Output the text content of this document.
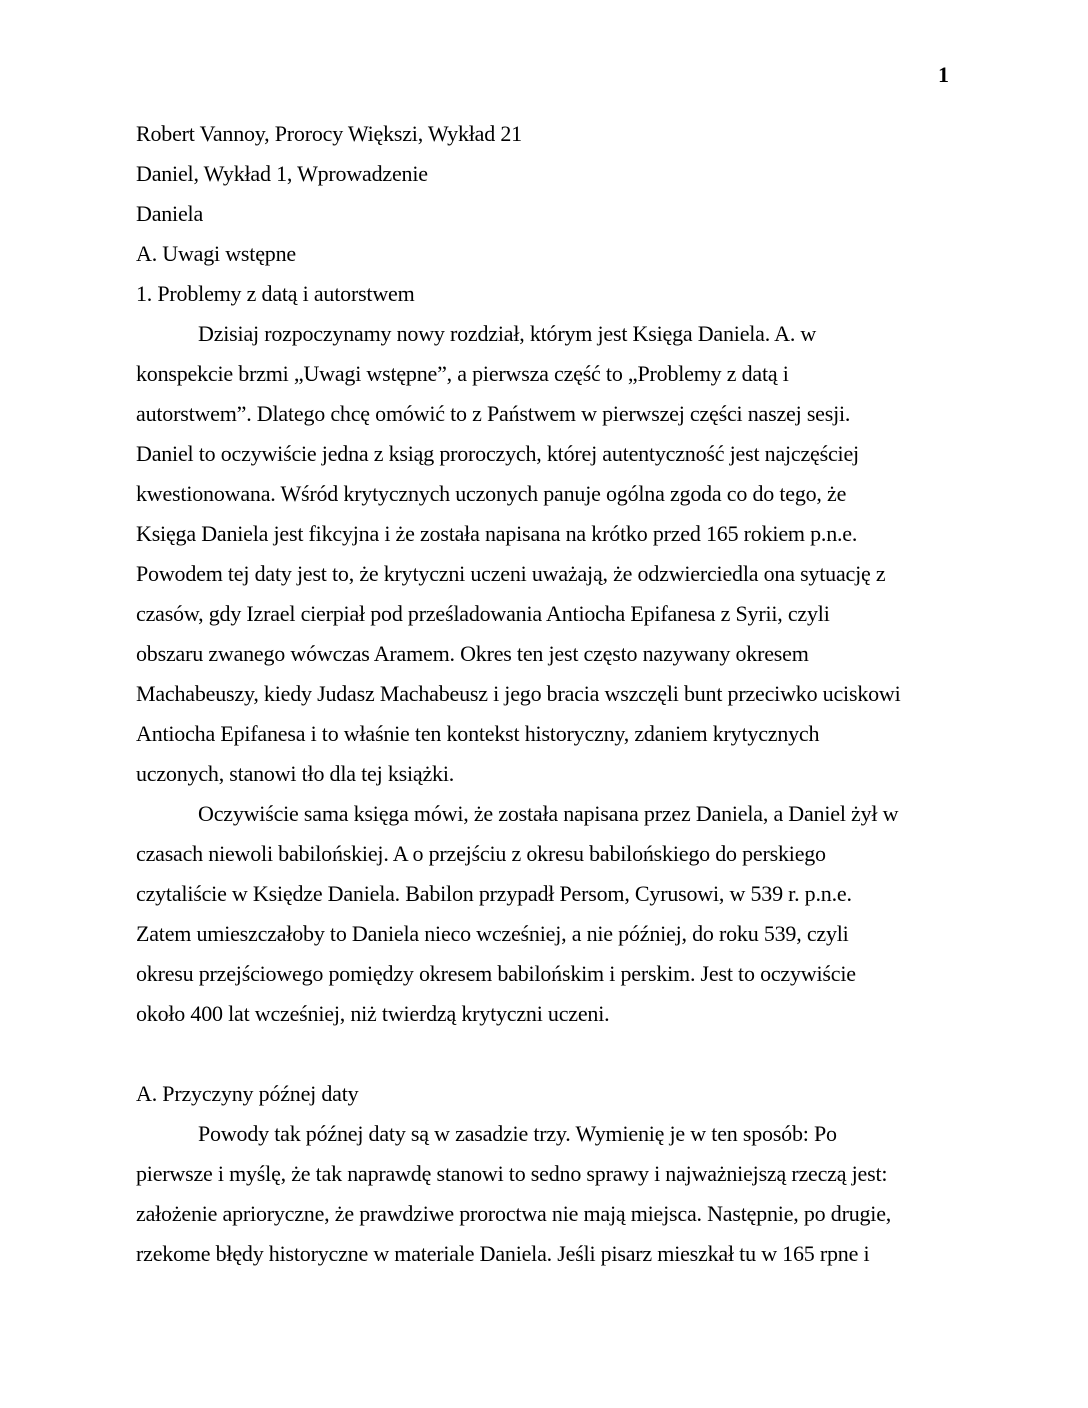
1
Robert Vannoy, Prorocy Większi, Wykład 21
Daniel, Wykład 1, Wprowadzenie
Daniela
A. Uwagi wstępne
1. Problemy z datą i autorstwem
Dzisiaj rozpoczynamy nowy rozdział, którym jest Księga Daniela. A. w
konspekcie brzmi „Uwagi wstępne”, a pierwsza część to „Problemy z datą i
autorstwem”. Dlatego chcę omówić to z Państwem w pierwszej części naszej sesji.
Daniel to oczywiście jedna z ksiąg proroczych, której autentyczność jest najczęściej
kwestionowana. Wśród krytycznych uczonych panuje ogólna zgoda co do tego, że
Księga Daniela jest fikcyjna i że została napisana na krótko przed 165 rokiem p.n.e.
Powodem tej daty jest to, że krytyczni uczeni uważają, że odzwierciedla ona sytuację z
czasów, gdy Izrael cierpiał pod prześladowania Antiocha Epifanesa z Syrii, czyli
obszaru zwanego wówczas Aramem. Okres ten jest często nazywany okresem
Machabeuszy, kiedy Judasz Machabeusz i jego bracia wszczęli bunt przeciwko uciskowi
Antiocha Epifanesa i to właśnie ten kontekst historyczny, zdaniem krytycznych
uczonych, stanowi tło dla tej książki.
Oczywiście sama księga mówi, że została napisana przez Daniela, a Daniel żył w
czasach niewoli babilońskiej. A o przejściu z okresu babilońskiego do perskiego
czytaliście w Księdze Daniela. Babilon przypadł Persom, Cyrusowi, w 539 r. p.n.e.
Zatem umieszczałoby to Daniela nieco wcześniej, a nie później, do roku 539, czyli
okresu przejściowego pomiędzy okresem babilońskim i perskim. Jest to oczywiście
około 400 lat wcześniej, niż twierdzą krytyczni uczeni.
A. Przyczyny późnej daty
Powody tak późnej daty są w zasadzie trzy. Wymienię je w ten sposób: Po
pierwsze i myślę, że tak naprawdę stanowi to sedno sprawy i najważniejszą rzeczą jest:
założenie aprioryczne, że prawdziwe proroctwa nie mają miejsca. Następnie, po drugie,
rzekome błędy historyczne w materiale Daniela. Jeśli pisarz mieszkał tu w 165 rpne i
